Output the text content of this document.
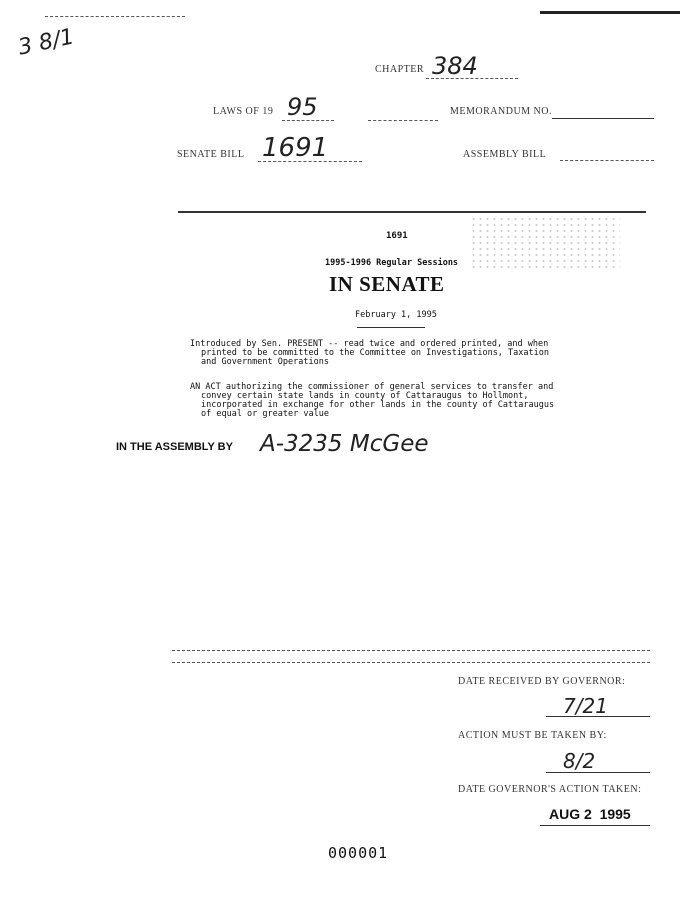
3 8/1
CHAPTER 384
LAWS OF 19 95	MEMORANDUM NO.
SENATE BILL 1691	ASSEMBLY BILL
1691
1995-1996 Regular Sessions
IN SENATE
February 1, 1995
Introduced by Sen. PRESENT -- read twice and ordered printed, and when
printed to be committed to the Committee on Investigations, Taxation
and Government Operations
AN ACT authorizing the commissioner of general services to transfer and
convey certain state lands in county of Cattaraugus to Hollmont,
incorporated in exchange for other lands in the county of Cattaraugus
of equal or greater value
IN THE ASSEMBLY BY A-3235 McGee
DATE RECEIVED BY GOVERNOR:
7/21
ACTION MUST BE TAKEN BY:
8/2
DATE GOVERNOR'S ACTION TAKEN:
AUG 2  1995
000001
